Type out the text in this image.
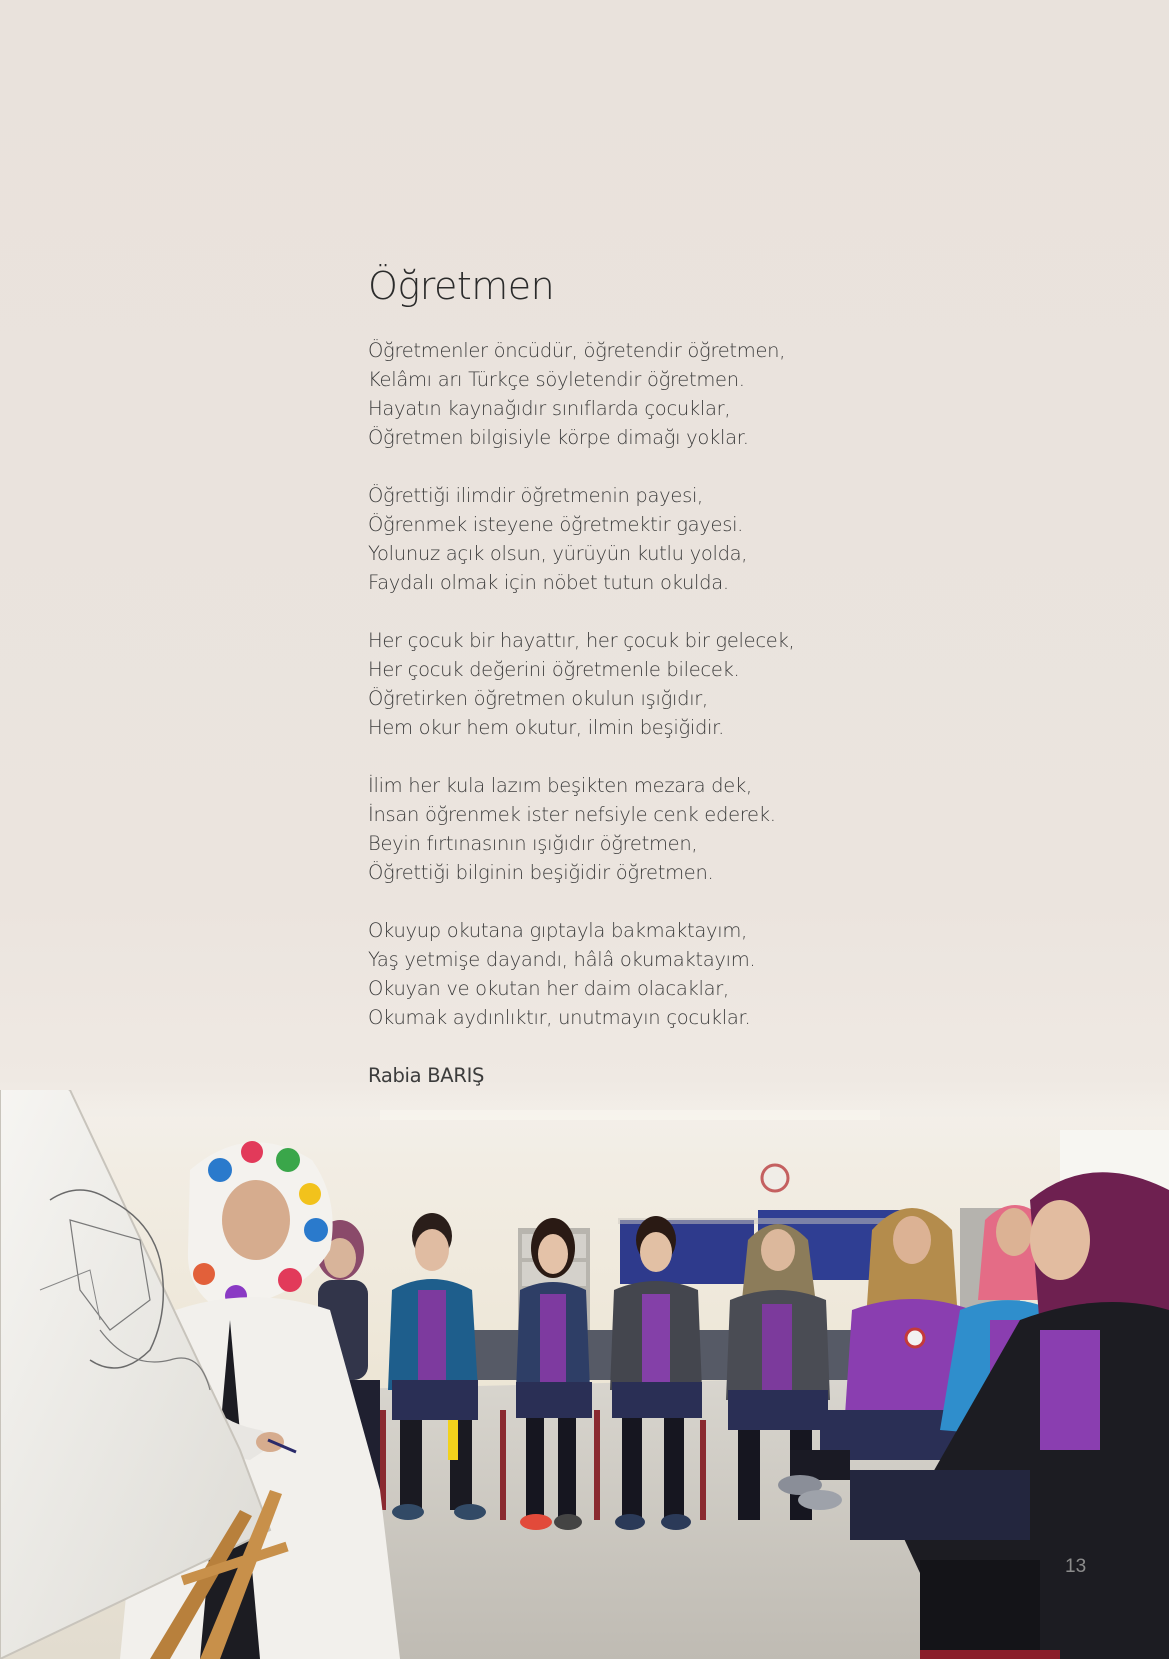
Öğretmen
Öğretmenler öncüdür, öğretendir öğretmen,
Kelâmı arı Türkçe söyletendir öğretmen.
Hayatın kaynağıdır sınıflarda çocuklar,
Öğretmen bilgisiyle körpe dimağı yoklar.
Öğrettiği ilimdir öğretmenin payesi,
Öğrenmek isteyene öğretmektir gayesi.
Yolunuz açık olsun, yürüyün kutlu yolda,
Faydalı olmak için nöbet tutun okulda.
Her çocuk bir hayattır, her çocuk bir gelecek,
Her çocuk değerini öğretmenle bilecek.
Öğretirken öğretmen okulun ışığıdır,
Hem okur hem okutur, ilmin beşiğidir.
İlim her kula lazım beşikten mezara dek,
İnsan öğrenmek ister nefsiyle cenk ederek.
Beyin fırtınasının ışığıdır öğretmen,
Öğrettiği bilginin beşiğidir öğretmen.
Okuyup okutana gıptayla bakmaktayım,
Yaş yetmişe dayandı, hâlâ okumaktayım.
Okuyan ve okutan her daim olacaklar,
Okumak aydınlıktır, unutmayın çocuklar.
Rabia BARIŞ
13
